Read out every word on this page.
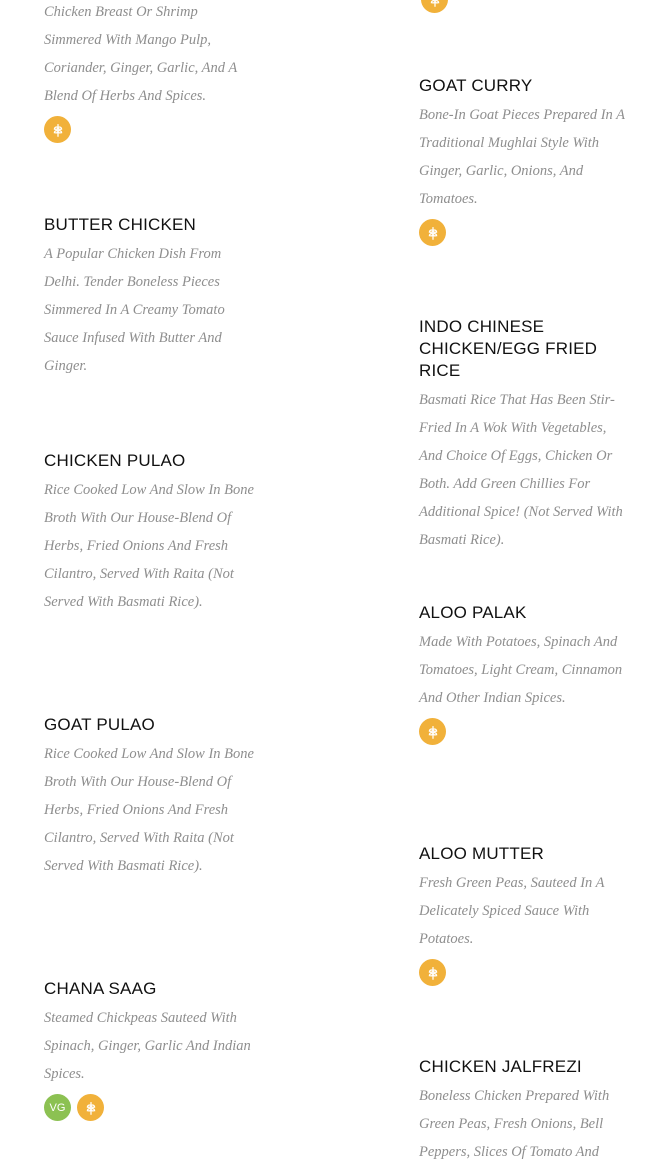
Chicken Breast Or Shrimp Simmered With Mango Pulp, Coriander, Ginger, Garlic, And A Blend Of Herbs And Spices.

BUTTER CHICKEN

A Popular Chicken Dish From Delhi. Tender Boneless Pieces Simmered In A Creamy Tomato Sauce Infused With Butter And Ginger.

CHICKEN PULAO

Rice Cooked Low And Slow In Bone Broth With Our House-Blend Of Herbs, Fried Onions And Fresh Cilantro, Served With Raita (Not Served With Basmati Rice).

GOAT PULAO

Rice Cooked Low And Slow In Bone Broth With Our House-Blend Of Herbs, Fried Onions And Fresh Cilantro, Served With Raita (Not Served With Basmati Rice).

CHANA SAAG

Steamed Chickpeas Sauteed With Spinach, Ginger, Garlic And Indian Spices.

VG
GOAT CURRY

Bone-In Goat Pieces Prepared In A Traditional Mughlai Style With Ginger, Garlic, Onions, And Tomatoes.

INDO CHINESE CHICKEN/EGG FRIED RICE

Basmati Rice That Has Been Stir-Fried In A Wok With Vegetables, And Choice Of Eggs, Chicken Or Both. Add Green Chillies For Additional Spice! (Not Served With Basmati Rice).

ALOO PALAK

Made With Potatoes, Spinach And Tomatoes, Light Cream, Cinnamon And Other Indian Spices.

ALOO MUTTER

Fresh Green Peas, Sauteed In A Delicately Spiced Sauce With Potatoes.

CHICKEN JALFREZI

Boneless Chicken Prepared With Green Peas, Fresh Onions, Bell Peppers, Slices Of Tomato And
